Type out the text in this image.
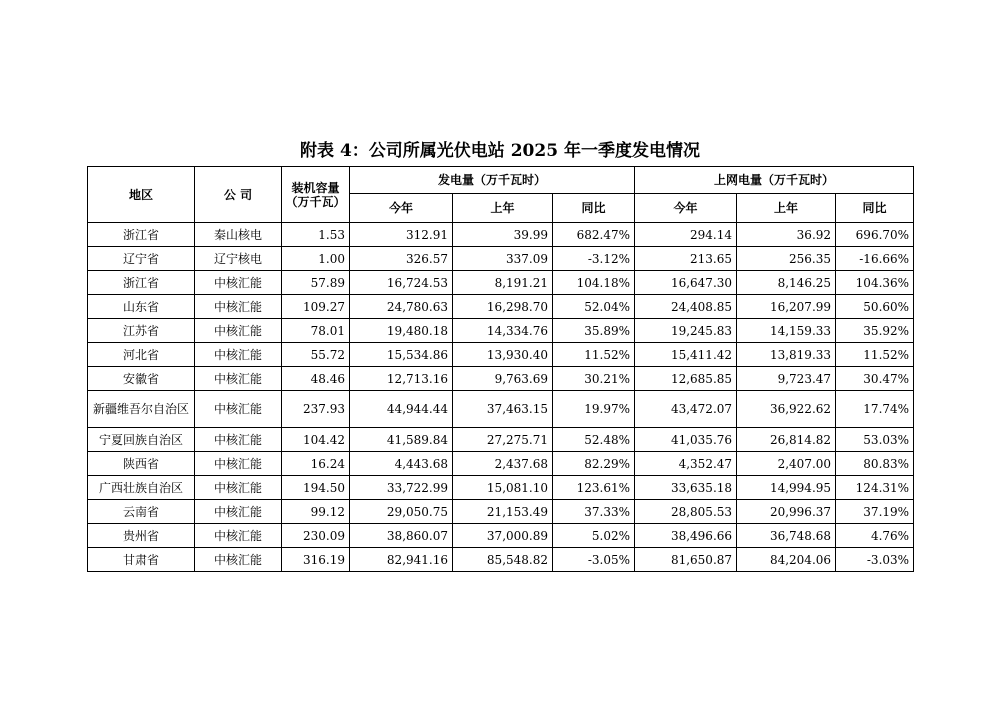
附表 4：公司所属光伏电站 2025 年一季度发电情况
地区	公 司	装机容量（万千瓦）	发电量（万千瓦时）			上网电量（万千瓦时）		
			今年	上年	同比	今年	上年	同比
浙江省	秦山核电	1.53	312.91	39.99	682.47%	294.14	36.92	696.70%
辽宁省	辽宁核电	1.00	326.57	337.09	-3.12%	213.65	256.35	-16.66%
浙江省	中核汇能	57.89	16,724.53	8,191.21	104.18%	16,647.30	8,146.25	104.36%
山东省	中核汇能	109.27	24,780.63	16,298.70	52.04%	24,408.85	16,207.99	50.60%
江苏省	中核汇能	78.01	19,480.18	14,334.76	35.89%	19,245.83	14,159.33	35.92%
河北省	中核汇能	55.72	15,534.86	13,930.40	11.52%	15,411.42	13,819.33	11.52%
安徽省	中核汇能	48.46	12,713.16	9,763.69	30.21%	12,685.85	9,723.47	30.47%
新疆维吾尔自治区	中核汇能	237.93	44,944.44	37,463.15	19.97%	43,472.07	36,922.62	17.74%
宁夏回族自治区	中核汇能	104.42	41,589.84	27,275.71	52.48%	41,035.76	26,814.82	53.03%
陕西省	中核汇能	16.24	4,443.68	2,437.68	82.29%	4,352.47	2,407.00	80.83%
广西壮族自治区	中核汇能	194.50	33,722.99	15,081.10	123.61%	33,635.18	14,994.95	124.31%
云南省	中核汇能	99.12	29,050.75	21,153.49	37.33%	28,805.53	20,996.37	37.19%
贵州省	中核汇能	230.09	38,860.07	37,000.89	5.02%	38,496.66	36,748.68	4.76%
甘肃省	中核汇能	316.19	82,941.16	85,548.82	-3.05%	81,650.87	84,204.06	-3.03%
